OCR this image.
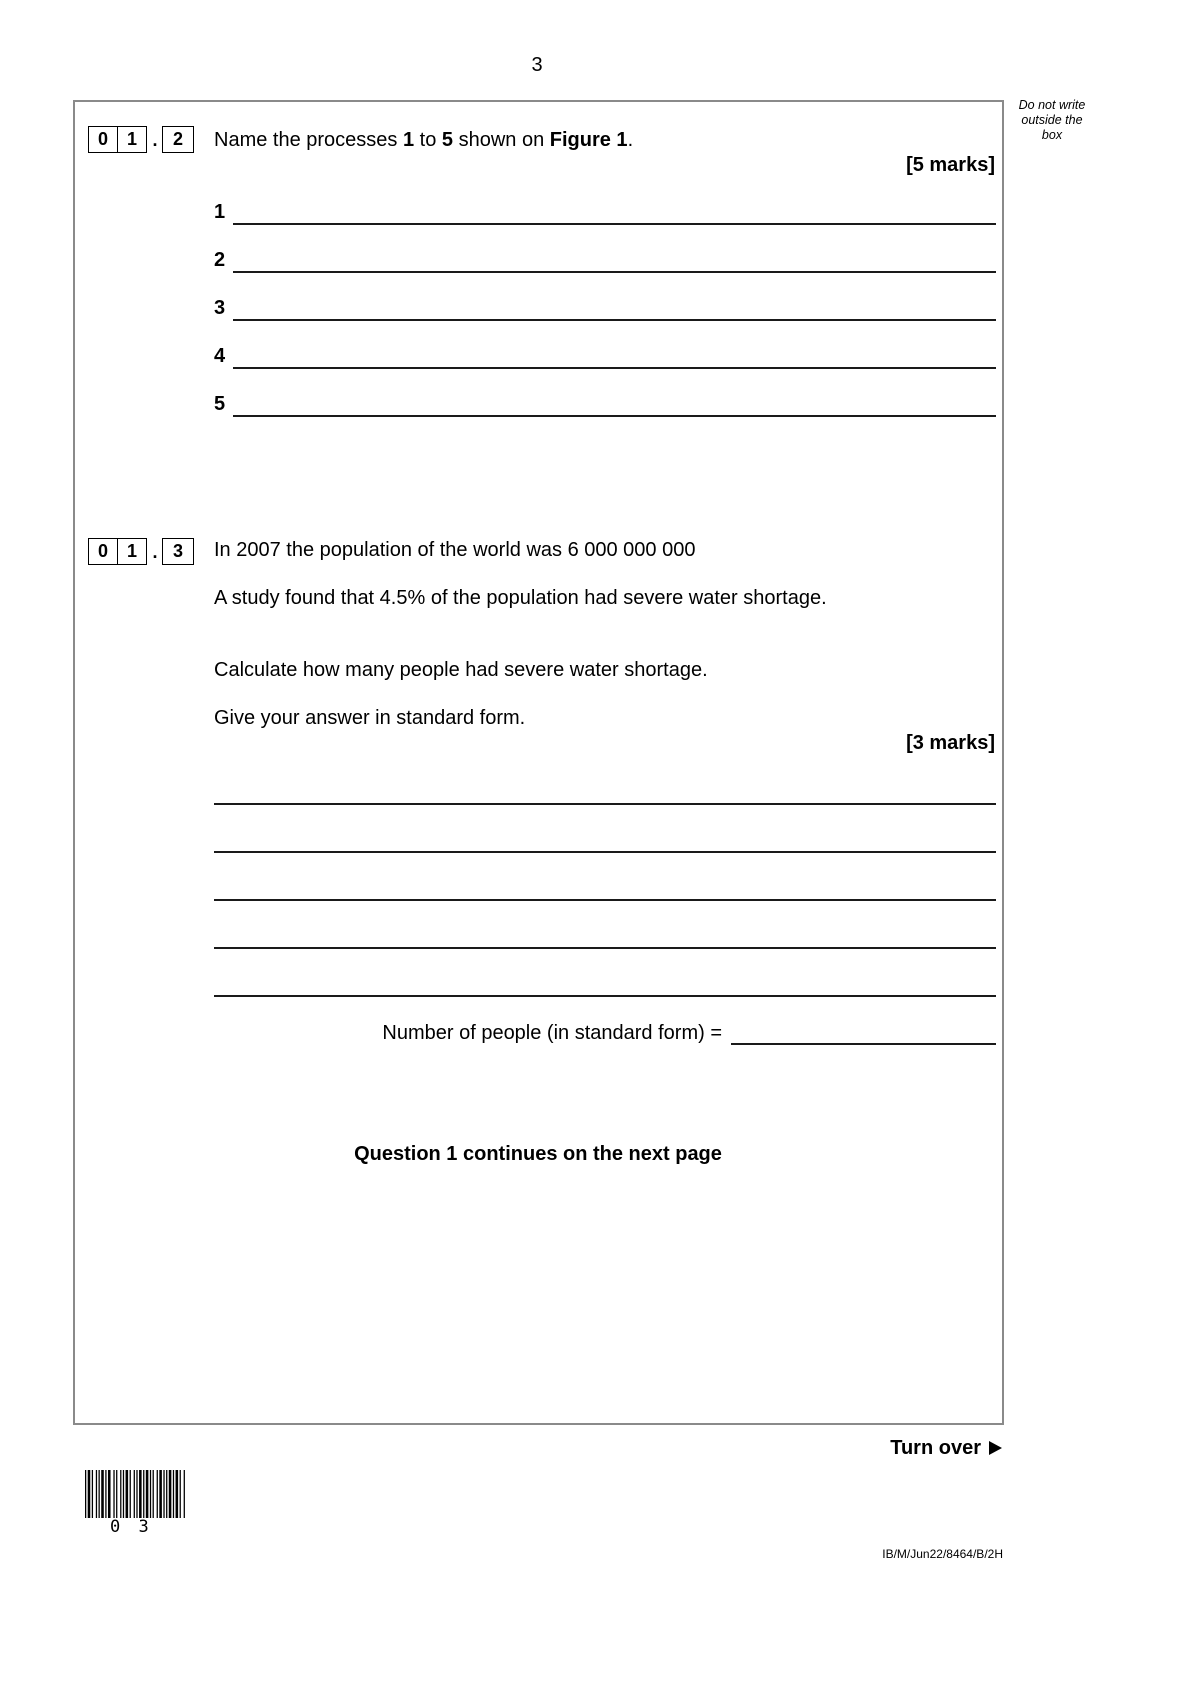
3
Do not write
outside the
box
0	1 . 2	Name the processes 1 to 5 shown on Figure 1.
[5 marks]
1
2
3
4
5
0	1 . 3	In 2007 the population of the world was 6 000 000 000
A study found that 4.5% of the population had severe water shortage.
Calculate how many people had severe water shortage.
Give your answer in standard form.
[3 marks]
Number of people (in standard form) =
Question 1 continues on the next page
Turn over
0 3
IB/M/Jun22/8464/B/2H
